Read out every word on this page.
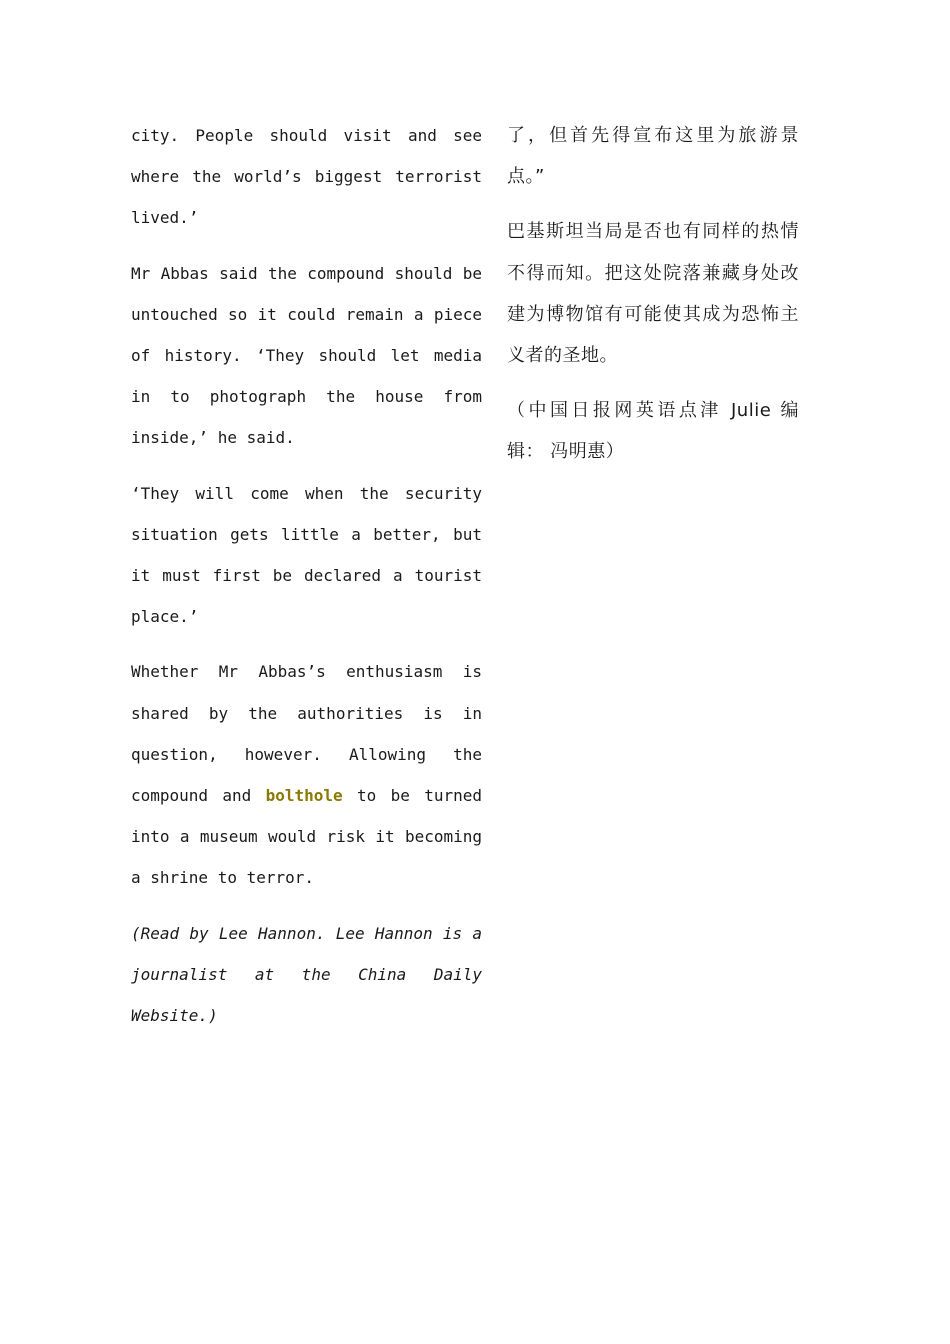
city. People should visit and see where the world’s biggest terrorist lived.’

Mr Abbas said the compound should be untouched so it could remain a piece of history. ‘They should let media in to photograph the house from inside,’ he said.

‘They will come when the security situation gets little a better, but it must first be declared a tourist place.’

Whether Mr Abbas’s enthusiasm is shared by the authorities is in question, however. Allowing the compound and bolthole to be turned into a museum would risk it becoming a shrine to terror.

(Read by Lee Hannon. Lee Hannon is a journalist at the China Daily Website.)

了，但首先得宣布这里为旅游景点。”

巴基斯坦当局是否也有同样的热情不得而知。把这处院落兼藏身处改建为博物馆有可能使其成为恐怖主义者的圣地。

（中国日报网英语点津 Julie 编辑： 冯明惠）
